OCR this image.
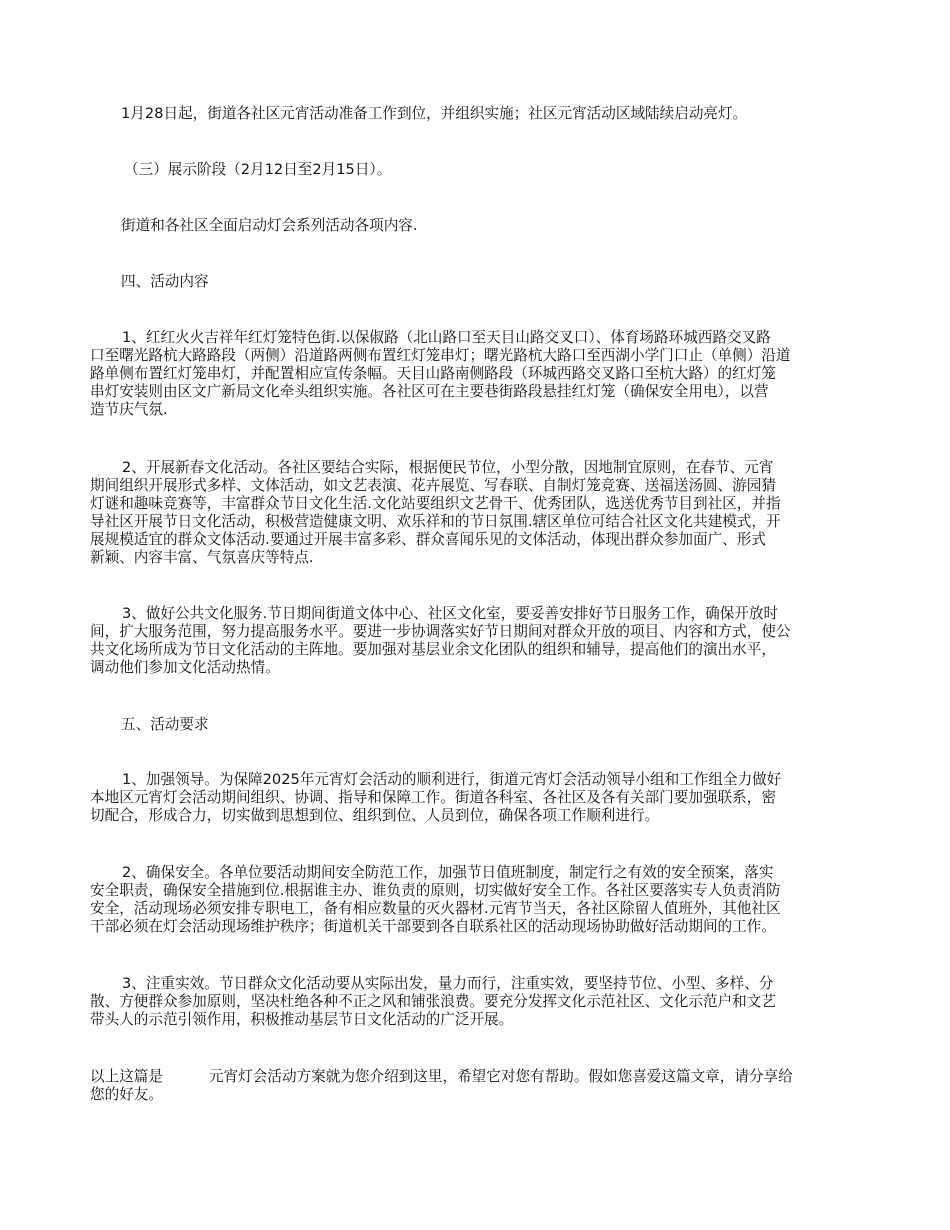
1月28日起，街道各社区元宵活动准备工作到位，并组织实施；社区元宵活动区域陆续启动亮灯。

（三）展示阶段（2月12日至2月15日）。

街道和各社区全面启动灯会系列活动各项内容.

四、活动内容

1、红红火火吉祥年红灯笼特色街.以保俶路（北山路口至天目山路交叉口）、体育场路环城西路交叉路
口至曙光路杭大路路段（两侧）沿道路两侧布置红灯笼串灯；曙光路杭大路口至西湖小学门口止（单侧）沿道
路单侧布置红灯笼串灯，并配置相应宣传条幅。天目山路南侧路段（环城西路交叉路口至杭大路）的红灯笼
串灯安装则由区文广新局文化牵头组织实施。各社区可在主要巷街路段悬挂红灯笼（确保安全用电），以营
造节庆气氛.
2、开展新春文化活动。各社区要结合实际，根据便民节位，小型分散，因地制宜原则，在春节、元宵
期间组织开展形式多样、文体活动，如文艺表演、花卉展览、写春联、自制灯笼竞赛、送福送汤圆、游园猜
灯谜和趣味竞赛等，丰富群众节日文化生活.文化站要组织文艺骨干、优秀团队，选送优秀节目到社区，并指
导社区开展节日文化活动，积极营造健康文明、欢乐祥和的节日氛围.辖区单位可结合社区文化共建模式，开
展规模适宜的群众文体活动.要通过开展丰富多彩、群众喜闻乐见的文体活动，体现出群众参加面广、形式
新颖、内容丰富、气氛喜庆等特点.
3、做好公共文化服务.节日期间街道文体中心、社区文化室，要妥善安排好节日服务工作，确保开放时
间，扩大服务范围，努力提高服务水平。要进一步协调落实好节日期间对群众开放的项目、内容和方式，使公
共文化场所成为节日文化活动的主阵地。要加强对基层业余文化团队的组织和辅导，提高他们的演出水平，
调动他们参加文化活动热情。

五、活动要求

1、加强领导。为保障2025年元宵灯会活动的顺利进行，街道元宵灯会活动领导小组和工作组全力做好
本地区元宵灯会活动期间组织、协调、指导和保障工作。街道各科室、各社区及各有关部门要加强联系，密
切配合，形成合力，切实做到思想到位、组织到位、人员到位，确保各项工作顺利进行。
2、确保安全。各单位要活动期间安全防范工作，加强节日值班制度，制定行之有效的安全预案，落实
安全职责，确保安全措施到位.根据谁主办、谁负责的原则，切实做好安全工作。各社区要落实专人负责消防
安全，活动现场必须安排专职电工，备有相应数量的灭火器材.元宵节当天，各社区除留人值班外，其他社区
干部必须在灯会活动现场维护秩序；街道机关干部要到各自联系社区的活动现场协助做好活动期间的工作。
3、注重实效。节日群众文化活动要从实际出发，量力而行，注重实效，要坚持节位、小型、多样、分
散、方便群众参加原则，坚决杜绝各种不正之风和铺张浪费。要充分发挥文化示范社区、文化示范户和文艺
带头人的示范引领作用，积极推动基层节日文化活动的广泛开展。
以上这篇是	元宵灯会活动方案就为您介绍到这里，希望它对您有帮助。假如您喜爱这篇文章，请分享给
您的好友。
